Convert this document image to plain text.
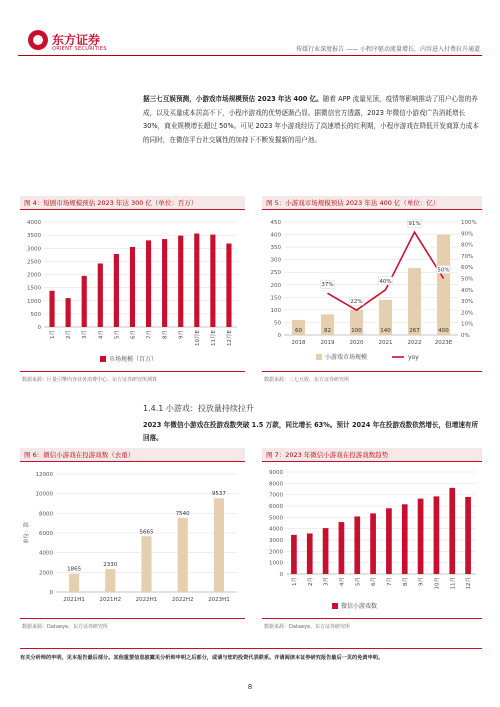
东方证券
ORIENT SECURITIES	传媒行业深度报告 —— 小程序驱动流量增长，内容进入付费拉升通道
据三七互娱预测，小游戏市场规模预估 2023 年达 400 亿。随着 APP 流量见顶，疫情等影响推动了用户心智的养成，以及买量成本居高不下，小程序游戏的优势逐渐凸显。据微信官方透露，2023 年微信小游戏广告消耗增长 30%，商业规模增长超过 50%。可见 2023 年小游戏经历了高速增长的红利期，小程序游戏在降低开发商算力成本的同时，在微信平台社交属性的加持下不断发掘新的用户池。
图 4：短剧市场规模预估 2023 年达 300 亿（单位：百万）
0
500
1000
1500
2000
2500
3000
3500
4000
1月	2月	3月	4月	5月	6月	7月	8月	9月	10月E	11月E	12月E
市场规模（百万）
数据来源：巨量引擎内容业务消费中心、东方证券研究所测算
图 5：小游戏市场规模预估 2023 年达 400 亿（单位：亿）
0
50
100
150
200
250
300
350
400
450
0%
10%
20%
30%
40%
50%
60%
70%
80%
90%
100%
60
2018
82
2019
100
2020
140
2021
267
2022
400
2023E
37%
22%
40%
91%
50%
小游戏市场规模	yoy
数据来源：三七互娱、东方证券研究所
1.4.1 小游戏：投放量持续拉升
2023 年微信小游戏在投游戏数突破 1.5 万款，同比增长 63%。预计 2024 年在投游戏数依然增长，但增速有所回落。
图 6：微信小游戏在投游戏数（去重）
0
2000
4000
6000
8000
10000
12000
1865
2021H1
2330
2021H2
5665
2022H1
7540
2022H2
9537
2023H1
单位：款
数据来源：Dataeye、东方证券研究所
图 7：2023 年微信小游戏在投游戏数趋势
0
1000
2000
3000
4000
5000
6000
7000
8000
9000
1月	2月	3月	4月	5月	6月	7月	8月	9月	10月	11月	12月
微信小游戏数
数据来源：Dataeye、东方证券研究所
有关分析师的申明，见本报告最后部分。其他重要信息披露见分析师申明之后部分，或请与您的投资代表联系。并请阅读本证券研究报告最后一页的免责申明。
8
